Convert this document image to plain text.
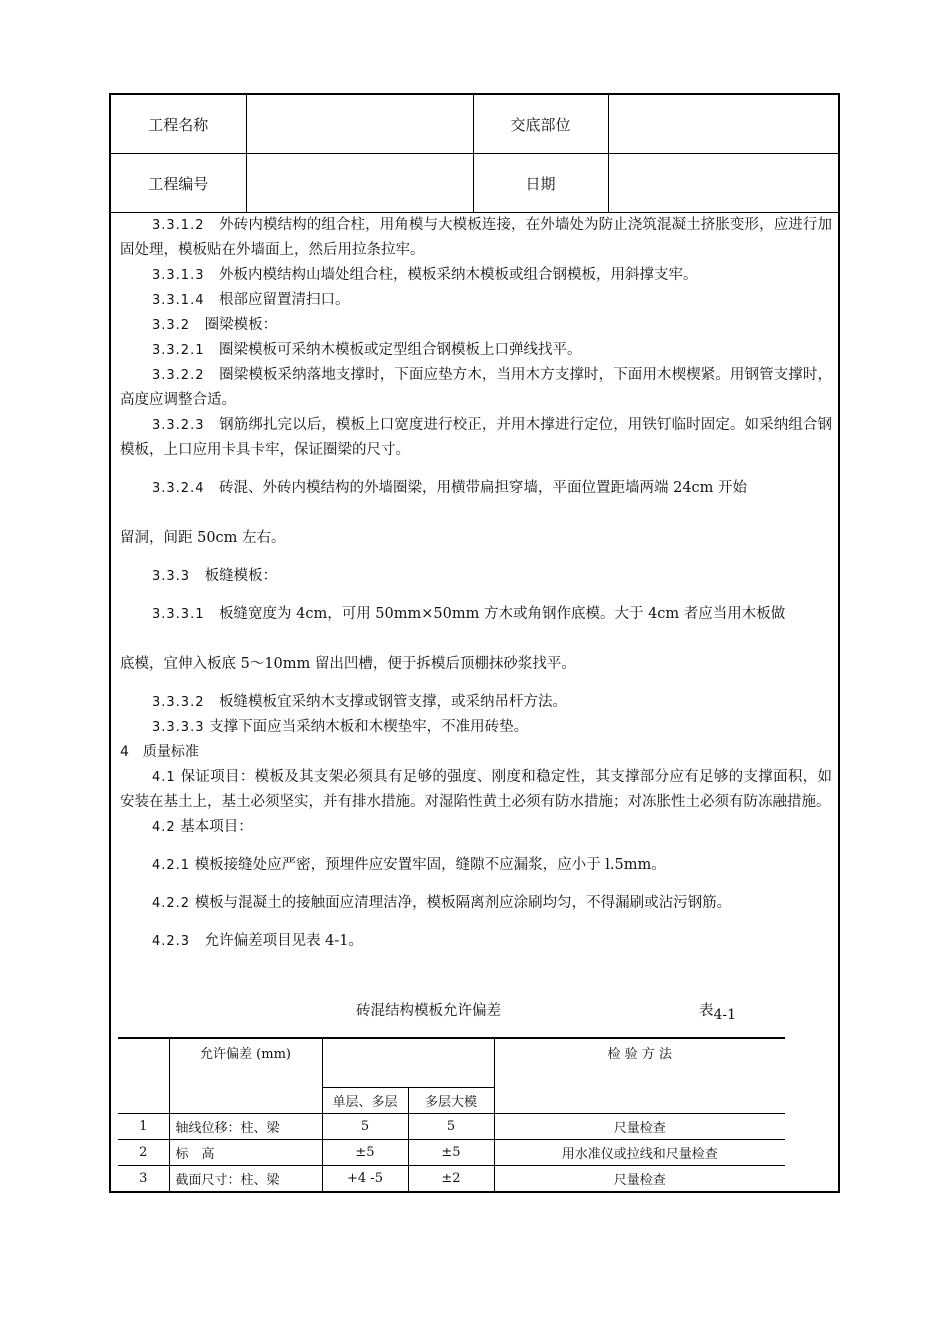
工程名称		交底部位	
工程编号		日期	

3.3.1.2　 外砖内模结构的组合柱，用角模与大模板连接，在外墙处为防止浇筑混凝土挤胀变形，应进行加固处理，模板贴在外墙面上，然后用拉条拉牢。

3.3.1.3　 外板内模结构山墙处组合柱，模板采纳木模板或组合钢模板，用斜撑支牢。

3.3.1.4　 根部应留置清扫口。

3.3.2　 圈梁模板：

3.3.2.1　 圈梁模板可采纳木模板或定型组合钢模板上口弹线找平。

3.3.2.2　 圈梁模板采纳落地支撑时，下面应垫方木，当用木方支撑时，下面用木楔楔紧。用钢管支撑时，高度应调整合适。

3.3.2.3　 钢筋绑扎完以后，模板上口宽度进行校正，并用木撑进行定位，用铁钉临时固定。如采纳组合钢模板，上口应用卡具卡牢，保证圈梁的尺寸。

3.3.2.4　 砖混、外砖内模结构的外墙圈梁，用横带扁担穿墙，平面位置距墙两端 24cm 开始

留洞，间距 50cm 左右。

3.3.3　 板缝模板：

3.3.3.1　 板缝宽度为 4cm，可用 50mm×50mm 方木或角钢作底模。大于 4cm 者应当用木板做

底模，宜伸入板底 5～10mm 留出凹槽，便于拆模后顶棚抹砂浆找平。

3.3.3.2　 板缝模板宜采纳木支撑或钢管支撑，或采纳吊杆方法。

3.3.3.3 支撑下面应当采纳木板和木楔垫牢，不准用砖垫。

4　 质量标准

4.1 保证项目：模板及其支架必须具有足够的强度、刚度和稳定性，其支撑部分应有足够的支撑面积，如安装在基土上，基土必须坚实，并有排水措施。对湿陷性黄土必须有防水措施；对冻胀性土必须有防冻融措施。

4.2 基本项目：

4.2.1 模板接缝处应严密，预埋件应安置牢固，缝隙不应漏浆，应小于 l.5mm。

4.2.2 模板与混凝土的接触面应清理洁净，模板隔离剂应涂刷均匀，不得漏刷或沾污钢筋。

4.2.3　 允许偏差项目见表 4-1。

砖混结构模板允许偏差	表$_{4-1}$
	允许偏差 (mm)			检 验 方 法
		单层、多层	多层大模	
1	轴线位移：柱、梁	5	5	尺量检查
2	标　高	±5	±5	用水准仪或拉线和尺量检查
3	截面尺寸：柱、梁	+4 -5	±2	尺量检查
